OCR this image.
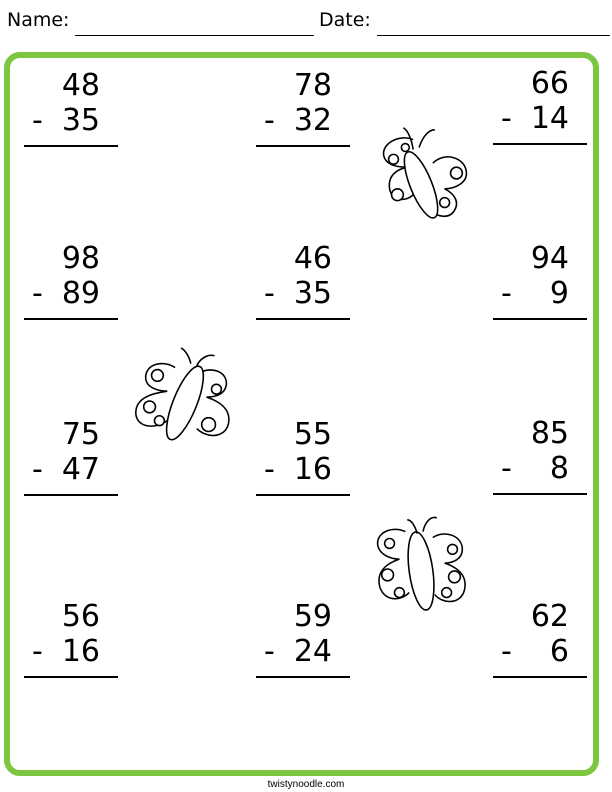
Name:	Date:
48
- 35
78
- 32
66
- 14
98
- 89
46
- 35
94
- 9
75
- 47
55
- 16
85
- 8
56
- 16
59
- 24
62
- 6
twistynoodle.com
